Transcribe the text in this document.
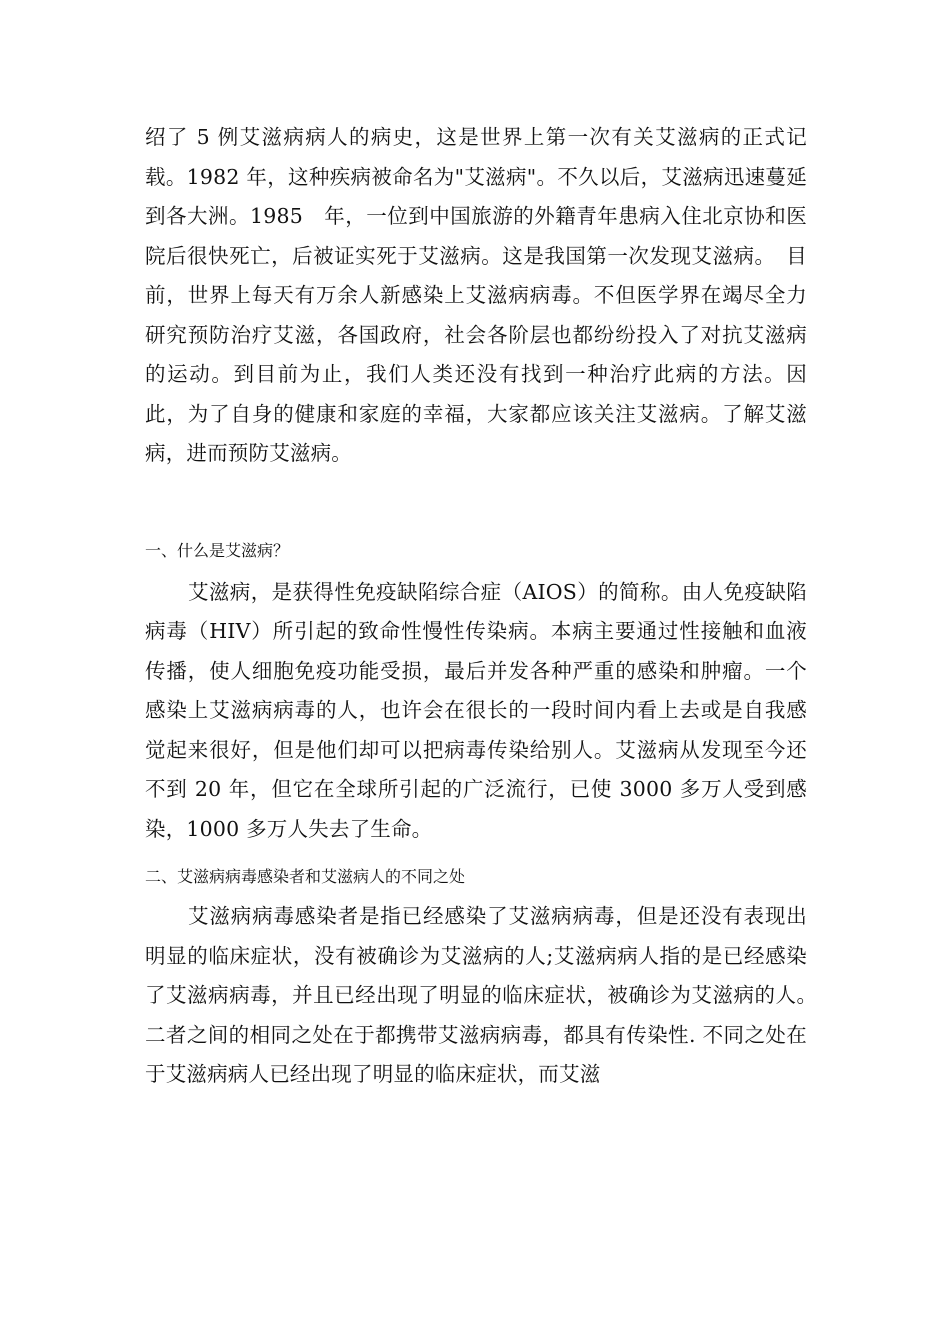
绍了 5 例艾滋病病人的病史，这是世界上第一次有关艾滋病的正式记载。1982 年，这种疾病被命名为"艾滋病"。不久以后，艾滋病迅速蔓延到各大洲。1985　年，一位到中国旅游的外籍青年患病入住北京协和医院后很快死亡，后被证实死于艾滋病。这是我国第一次发现艾滋病。　目前，世界上每天有万余人新感染上艾滋病病毒。不但医学界在竭尽全力研究预防治疗艾滋，各国政府，社会各阶层也都纷纷投入了对抗艾滋病的运动。到目前为止，我们人类还没有找到一种治疗此病的方法。因此，为了自身的健康和家庭的幸福，大家都应该关注艾滋病。了解艾滋病，进而预防艾滋病。

一、什么是艾滋病？

艾滋病，是获得性免疫缺陷综合症（AIOS）的简称。由人免疫缺陷病毒（HIV）所引起的致命性慢性传染病。本病主要通过性接触和血液传播，使人细胞免疫功能受损，最后并发各种严重的感染和肿瘤。一个感染上艾滋病病毒的人，也许会在很长的一段时间内看上去或是自我感觉起来很好，但是他们却可以把病毒传染给别人。艾滋病从发现至今还不到 20 年，但它在全球所引起的广泛流行，已使 3000 多万人受到感染，1000 多万人失去了生命。

二、艾滋病病毒感染者和艾滋病人的不同之处

艾滋病病毒感染者是指已经感染了艾滋病病毒，但是还没有表现出明显的临床症状，没有被确诊为艾滋病的人;艾滋病病人指的是已经感染了艾滋病病毒，并且已经出现了明显的临床症状，被确诊为艾滋病的人。　二者之间的相同之处在于都携带艾滋病病毒，都具有传染性. 不同之处在于艾滋病病人已经出现了明显的临床症状，而艾滋
